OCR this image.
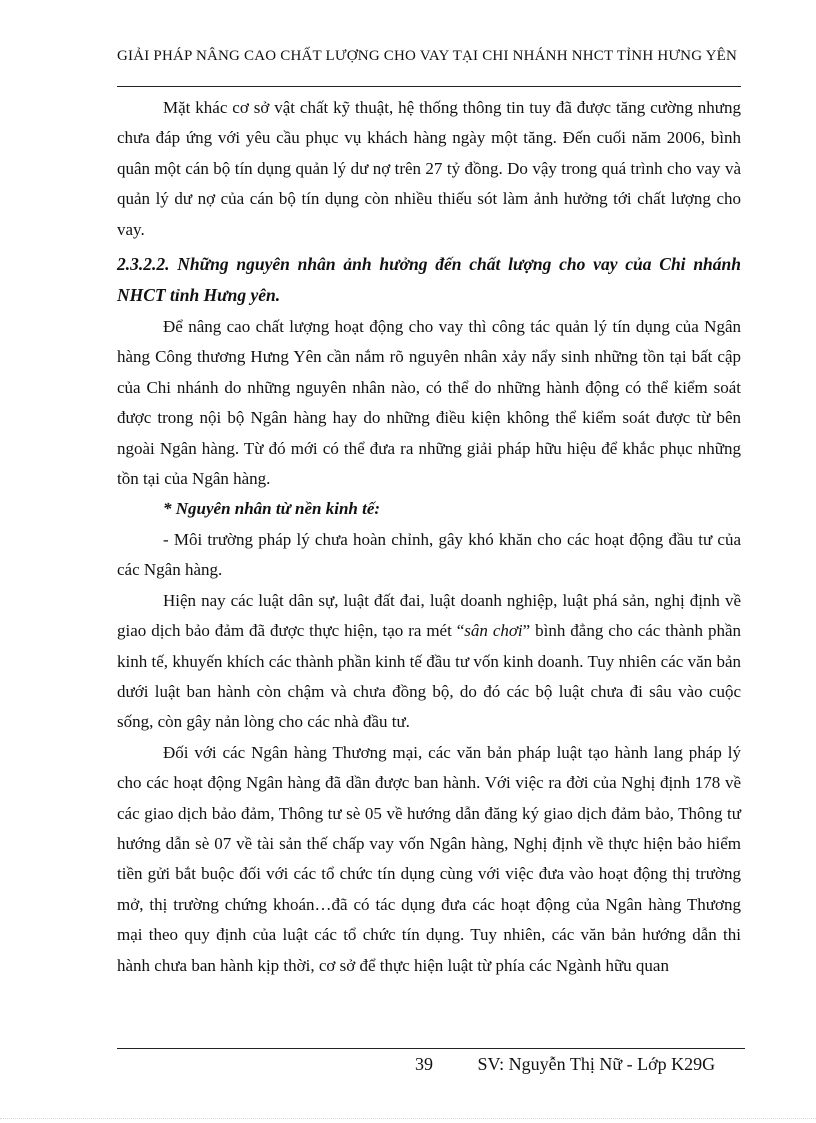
GIẢI PHÁP NÂNG CAO CHẤT LƯỢNG CHO VAY TẠI CHI NHÁNH NHCT TỈNH HƯNG YÊN

Mặt khác cơ sở vật chất kỹ thuật, hệ thống thông tin tuy đã được tăng cường nhưng chưa đáp ứng với yêu cầu phục vụ khách hàng ngày một tăng. Đến cuối năm 2006, bình quân một cán bộ tín dụng quản lý dư nợ trên 27 tỷ đồng. Do vậy trong quá trình cho vay và quản lý dư nợ của cán bộ tín dụng còn nhiều thiếu sót làm ảnh hưởng tới chất lượng cho vay.

2.3.2.2. Những nguyên nhân ảnh hưởng đến chất lượng cho vay của Chi nhánh NHCT tỉnh Hưng yên.

Để nâng cao chất lượng hoạt động cho vay thì công tác quản lý tín dụng của Ngân hàng Công thương Hưng Yên cần nắm rõ nguyên nhân xảy nẩy sinh những tồn tại bất cập của Chi nhánh do những nguyên nhân nào, có thể do những hành động có thể kiểm soát được trong nội bộ Ngân hàng hay do những điều kiện không thể kiểm soát được từ bên ngoài Ngân hàng. Từ đó mới có thể đưa ra những giải pháp hữu hiệu để khắc phục những tồn tại của Ngân hàng.

* Nguyên nhân từ nền kinh tế:

- Môi trường pháp lý chưa hoàn chỉnh, gây khó khăn cho các hoạt động đầu tư của các Ngân hàng.

Hiện nay các luật dân sự, luật đất đai, luật doanh nghiệp, luật phá sản, nghị định về giao dịch bảo đảm đã được thực hiện, tạo ra mét “sân chơi” bình đẳng cho các thành phần kinh tế, khuyến khích các thành phần kinh tế đầu tư vốn kinh doanh. Tuy nhiên các văn bản dưới luật ban hành còn chậm và chưa đồng bộ, do đó các bộ luật chưa đi sâu vào cuộc sống, còn gây nản lòng cho các nhà đầu tư.

Đối với các Ngân hàng Thương mại, các văn bản pháp luật tạo hành lang pháp lý cho các hoạt động Ngân hàng đã dần được ban hành. Với việc ra đời của Nghị định 178 về các giao dịch bảo đảm, Thông tư sè 05 về hướng dẫn đăng ký giao dịch đảm bảo, Thông tư hướng dẫn sè 07 về tài sản thế chấp vay vốn Ngân hàng, Nghị định về thực hiện bảo hiểm tiền gửi bắt buộc đối với các tổ chức tín dụng cùng với việc đưa vào hoạt động thị trường mở, thị trường chứng khoán…đã có tác dụng đưa các hoạt động của Ngân hàng Thương mại theo quy định của luật các tổ chức tín dụng. Tuy nhiên, các văn bản hướng dẫn thi hành chưa ban hành kịp thời, cơ sở để thực hiện luật từ phía các Ngành hữu quan

39 SV: Nguyễn Thị Nữ - Lớp K29G
